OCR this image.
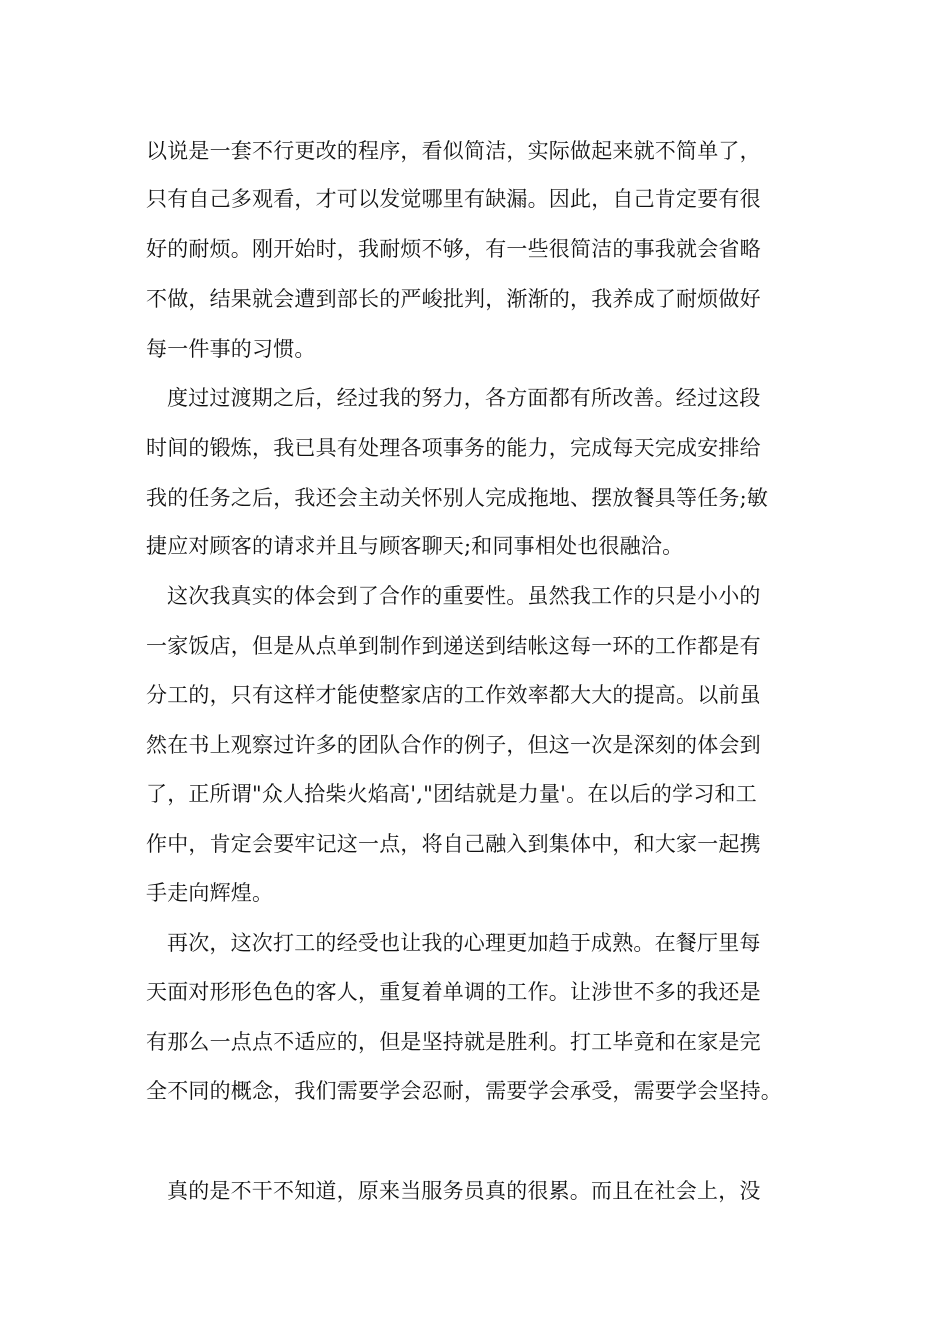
以说是一套不行更改的程序，看似简洁，实际做起来就不简单了，
只有自己多观看，才可以发觉哪里有缺漏。因此，自己肯定要有很
好的耐烦。刚开始时，我耐烦不够，有一些很简洁的事我就会省略
不做，结果就会遭到部长的严峻批判，渐渐的，我养成了耐烦做好
每一件事的习惯。
度过过渡期之后，经过我的努力，各方面都有所改善。经过这段
时间的锻炼，我已具有处理各项事务的能力，完成每天完成安排给
我的任务之后，我还会主动关怀别人完成拖地、摆放餐具等任务;敏
捷应对顾客的请求并且与顾客聊天;和同事相处也很融洽。
这次我真实的体会到了合作的重要性。虽然我工作的只是小小的
一家饭店，但是从点单到制作到递送到结帐这每一环的工作都是有
分工的，只有这样才能使整家店的工作效率都大大的提高。以前虽
然在书上观察过许多的团队合作的例子，但这一次是深刻的体会到
了，正所谓"众人拾柴火焰高',"团结就是力量'。在以后的学习和工
作中，肯定会要牢记这一点，将自己融入到集体中，和大家一起携
手走向辉煌。
再次，这次打工的经受也让我的心理更加趋于成熟。在餐厅里每
天面对形形色色的客人，重复着单调的工作。让涉世不多的我还是
有那么一点点不适应的，但是坚持就是胜利。打工毕竟和在家是完
全不同的概念，我们需要学会忍耐，需要学会承受，需要学会坚持。
真的是不干不知道，原来当服务员真的很累。而且在社会上，没
